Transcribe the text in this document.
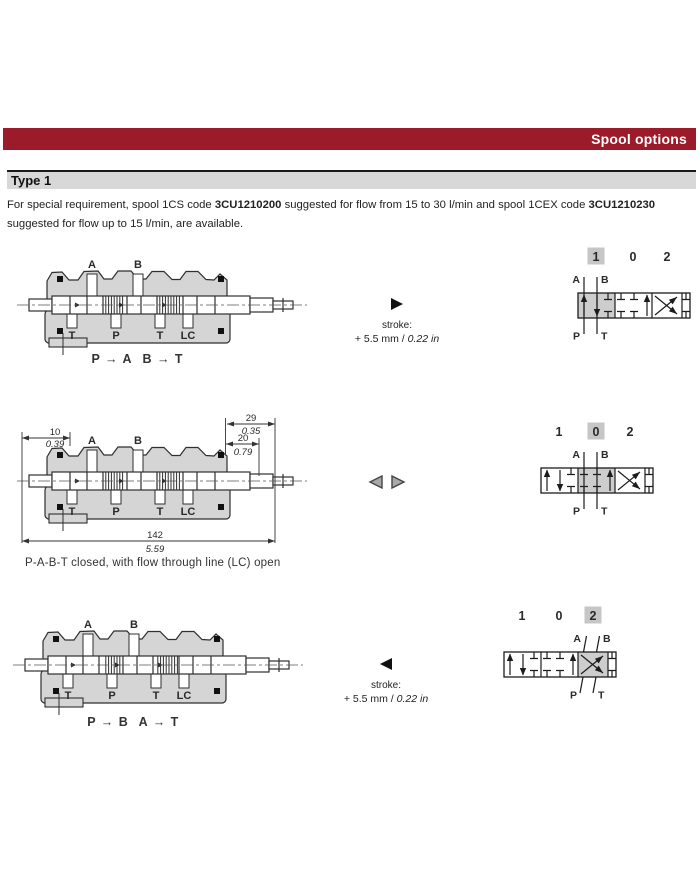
Spool options
Type 1
For special requirement, spool 1CS code 3CU1210200 suggested for flow from 15 to 30 l/min and spool 1CEX code 3CU1210230
suggested for flow up to 15 l/min, are available.
A	B
T	P	T LC
P → A B → T
stroke:
+ 5.5 mm / 0.22 in
1 0 2
A B
P T
A	B
T	P	T LC
10
0.39
29
0.35
20
0.79
142
5.59
P-A-B-T closed, with flow through line (LC) open
1 0 2
A B
P T
A	B
T	P	T LC
P → B A → T
stroke:
+ 5.5 mm / 0.22 in
1 0 2
A B
P T
